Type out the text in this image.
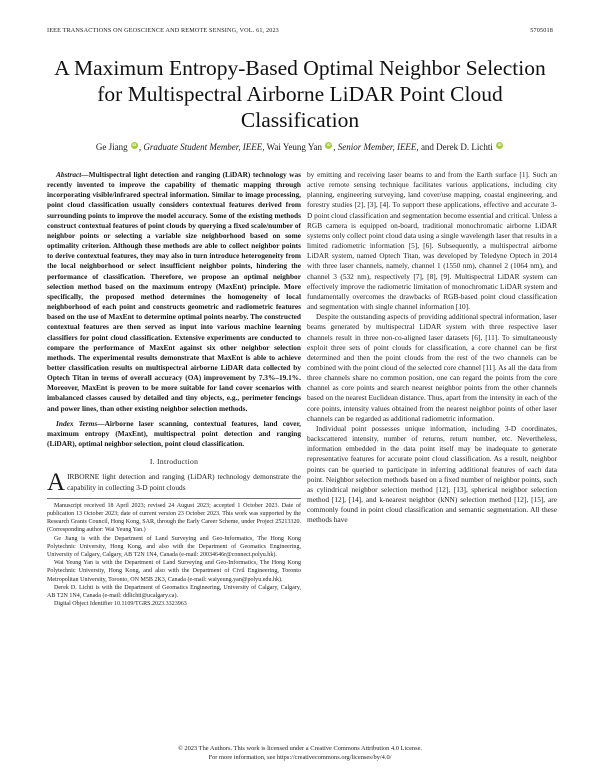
IEEE TRANSACTIONS ON GEOSCIENCE AND REMOTE SENSING, VOL. 61, 2023	5705018
A Maximum Entropy-Based Optimal Neighbor Selection for Multispectral Airborne LiDAR Point Cloud Classification
Ge Jiang iD , Graduate Student Member, IEEE, Wai Yeung Yan iD , Senior Member, IEEE, and Derek D. Lichti iD

Abstract—Multispectral light detection and ranging (LiDAR) technology was recently invented to improve the capability of thematic mapping through incorporating visible/infrared spectral information. Similar to image processing, point cloud classification usually considers contextual features derived from surrounding points to improve the model accuracy. Some of the existing methods construct contextual features of point clouds by querying a fixed scale/number of neighbor points or selecting a variable size neighborhood based on some optimality criterion. Although these methods are able to collect neighbor points to derive contextual features, they may also in turn introduce heterogeneity from the local neighborhood or select insufficient neighbor points, hindering the performance of classification. Therefore, we propose an optimal neighbor selection method based on the maximum entropy (MaxEnt) principle. More specifically, the proposed method determines the homogeneity of local neighborhood of each point and constructs geometric and radiometric features based on the use of MaxEnt to determine optimal points nearby. The constructed contextual features are then served as input into various machine learning classifiers for point cloud classification. Extensive experiments are conducted to compare the performance of MaxEnt against six other neighbor selection methods. The experimental results demonstrate that MaxEnt is able to achieve better classification results on multispectral airborne LiDAR data collected by Optech Titan in terms of overall accuracy (OA) improvement by 7.3%–19.1%. Moreover, MaxEnt is proven to be more suitable for land cover scenarios with imbalanced classes caused by detailed and tiny objects, e.g., perimeter fencings and power lines, than other existing neighbor selection methods.

Index Terms—Airborne laser scanning, contextual features, land cover, maximum entropy (MaxEnt), multispectral point detection and ranging (LiDAR), optimal neighbor selection, point cloud classification.

I. Introduction

AIRBORNE light detection and ranging (LiDAR) technology demonstrate the capability in collecting 3-D point clouds

Manuscript received 18 April 2023; revised 24 August 2023; accepted 1 October 2023. Date of publication 13 October 2023; date of current version 23 October 2023. This work was supported by the Research Grants Council, Hong Kong, SAR, through the Early Career Scheme, under Project 25213320. (Corresponding author: Wai Yeung Yan.)

Ge Jiang is with the Department of Land Surveying and Geo-Informatics, The Hong Kong Polytechnic University, Hong Kong, and also with the Department of Geomatics Engineering, University of Calgary, Calgary, AB T2N 1N4, Canada (e-mail: 20034646r@connect.polyu.hk).

Wai Yeung Yan is with the Department of Land Surveying and Geo-Informatics, The Hong Kong Polytechnic University, Hong Kong, and also with the Department of Civil Engineering, Toronto Metropolitan University, Toronto, ON M5B 2K3, Canada (e-mail: waiyeung.yan@polyu.edu.hk).

Derek D. Lichti is with the Department of Geomatics Engineering, University of Calgary, Calgary, AB T2N 1N4, Canada (e-mail: ddlichti@ucalgary.ca).

Digital Object Identifier 10.1109/TGRS.2023.3323963

by emitting and receiving laser beams to and from the Earth surface [1]. Such an active remote sensing technique facilitates various applications, including city planning, engineering surveying, land cover/use mapping, coastal engineering, and forestry studies [2], [3], [4]. To support these applications, effective and accurate 3-D point cloud classification and segmentation become essential and critical. Unless a RGB camera is equipped on-board, traditional monochromatic airborne LiDAR systems only collect point cloud data using a single wavelength laser that results in a limited radiometric information [5], [6]. Subsequently, a multispectral airborne LiDAR system, named Optech Titan, was developed by Teledyne Optech in 2014 with three laser channels, namely, channel 1 (1550 nm), channel 2 (1064 nm), and channel 3 (532 nm), respectively [7], [8], [9]. Multispectral LiDAR system can effectively improve the radiometric limitation of monochromatic LiDAR system and fundamentally overcomes the drawbacks of RGB-based point cloud classification and segmentation with single channel information [10].

Despite the outstanding aspects of providing additional spectral information, laser beams generated by multispectral LiDAR system with three respective laser channels result in three non-co-aligned laser datasets [6], [11]. To simultaneously exploit three sets of point clouds for classification, a core channel can be first determined and then the point clouds from the rest of the two channels can be combined with the point cloud of the selected core channel [11]. As all the data from three channels share no common position, one can regard the points from the core channel as core points and search nearest neighbor points from the other channels based on the nearest Euclidean distance. Thus, apart from the intensity in each of the core points, intensity values obtained from the nearest neighbor points of other laser channels can be regarded as additional radiometric information.

Individual point possesses unique information, including 3-D coordinates, backscattered intensity, number of returns, return number, etc. Nevertheless, information embedded in the data point itself may be inadequate to generate representative features for accurate point cloud classification. As a result, neighbor points can be queried to participate in inferring additional features of each data point. Neighbor selection methods based on a fixed number of neighbor points, such as cylindrical neighbor selection method [12], [13], spherical neighbor selection method [12], [14], and k-nearest neighbor (kNN) selection method [12], [15], are commonly found in point cloud classification and semantic segmentation. All these methods have

© 2023 The Authors. This work is licensed under a Creative Commons Attribution 4.0 License.
For more information, see https://creativecommons.org/licenses/by/4.0/
